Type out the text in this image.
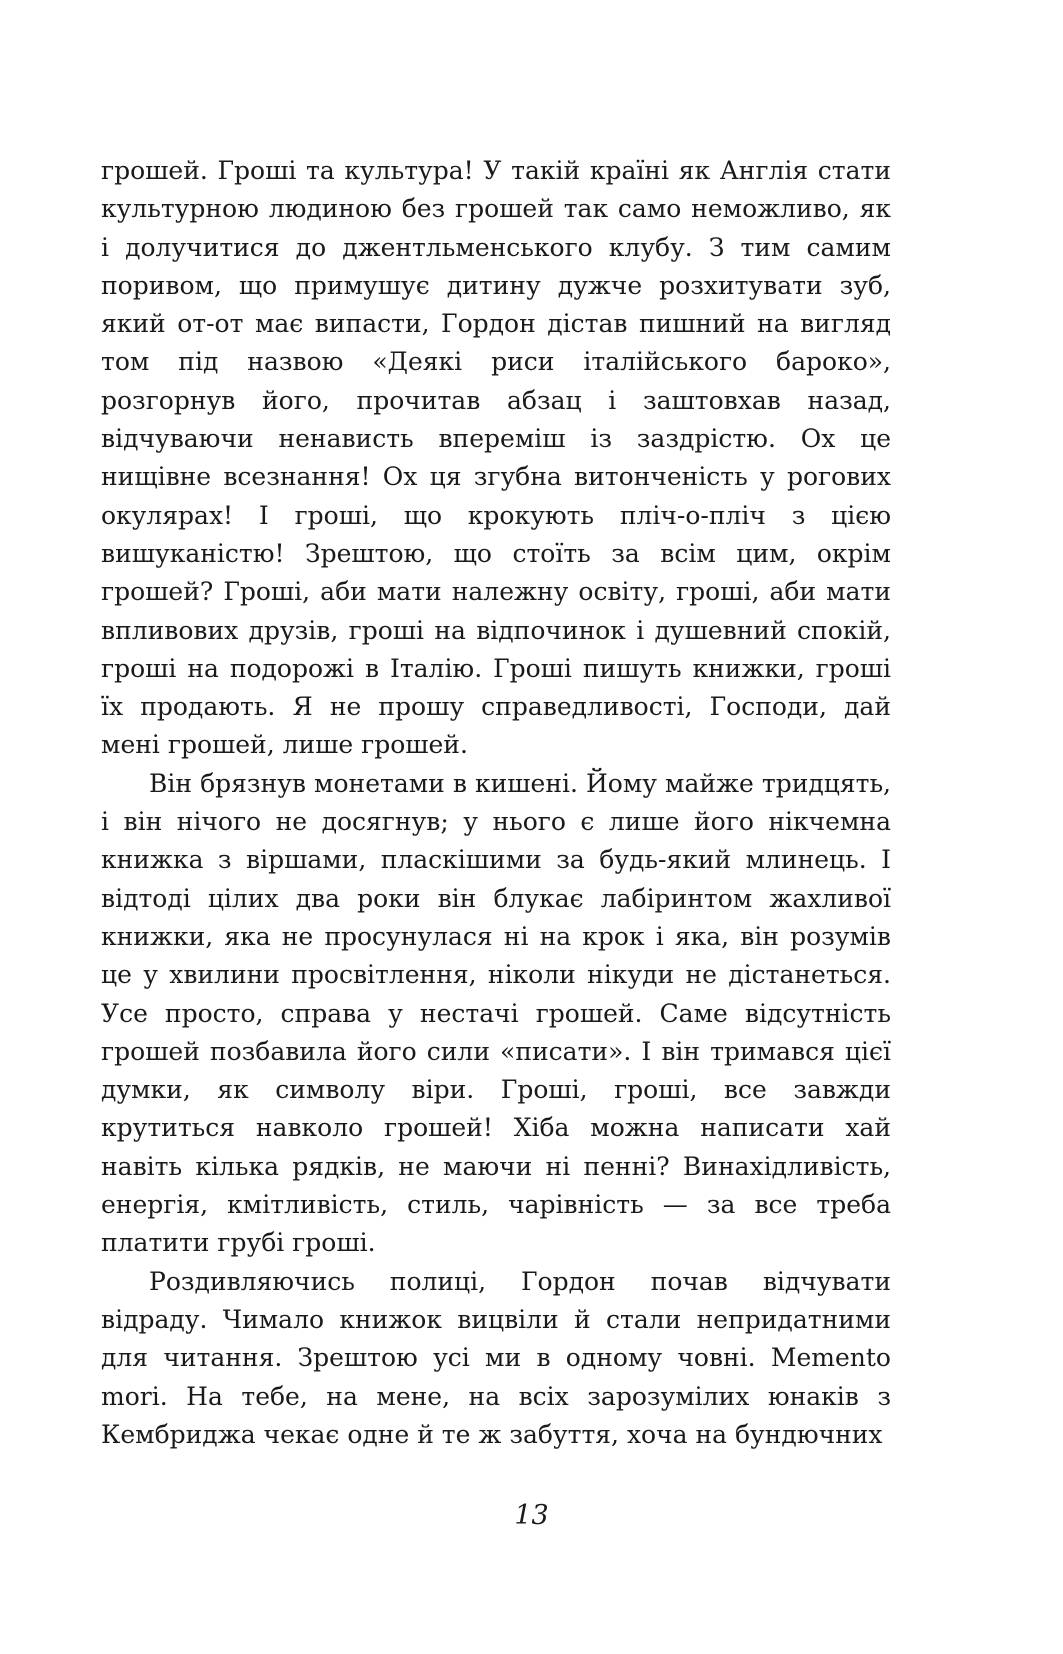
грошей. Гроші та культура! У такій країні як Англія стати культурною людиною без грошей так само неможливо, як і долучитися до джентльменського клубу. З тим самим поривом, що примушує дитину дужче розхитувати зуб, який от-от має випасти, Гордон дістав пишний на вигляд том під назвою «Деякі риси італійського бароко», розгорнув його, прочитав абзац і заштовхав назад, відчуваючи ненависть впереміш із заздрістю. Ох це нищівне всезнання! Ох ця згубна витонченість у рогових окулярах! І гроші, що крокують пліч-о-пліч з цією вишуканістю! Зрештою, що стоїть за всім цим, окрім грошей? Гроші, аби мати належну освіту, гроші, аби мати впливових друзів, гроші на відпочинок і душевний спокій, гроші на подорожі в Італію. Гроші пишуть книжки, гроші їх продають. Я не прошу справедливості, Господи, дай мені грошей, лише грошей.

Він брязнув монетами в кишені. Йому майже тридцять, і він нічого не досягнув; у нього є лише його нікчемна книжка з віршами, пласкішими за будь-який млинець. І відтоді цілих два роки він блукає лабіринтом жахливої книжки, яка не просунулася ні на крок і яка, він розумів це у хвилини просвітлення, ніколи нікуди не дістанеться. Усе просто, справа у нестачі грошей. Саме відсутність грошей позбавила його сили «писати». І він тримався цієї думки, як символу віри. Гроші, гроші, все завжди крутиться навколо грошей! Хіба можна написати хай навіть кілька рядків, не маючи ні пенні? Винахідливість, енергія, кмітливість, стиль, чарівність — за все треба платити грубі гроші.

Роздивляючись полиці, Гордон почав відчувати відраду. Чимало книжок вицвіли й стали непридатними для читання. Зрештою усі ми в одному човні. Memento mori. На тебе, на мене, на всіх зарозумілих юнаків з Кембриджа чекає одне й те ж забуття, хоча на бундючних

13
